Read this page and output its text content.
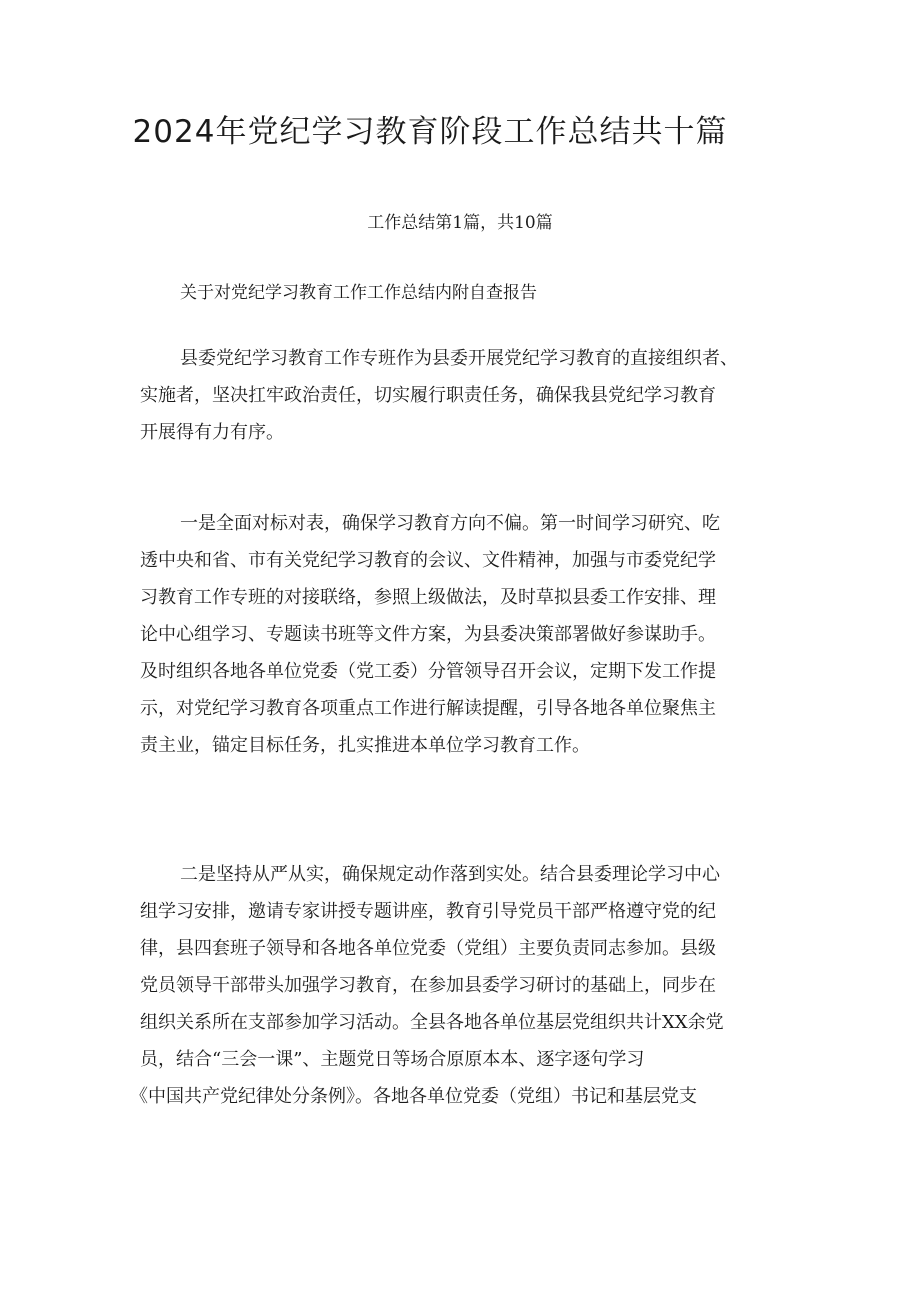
2024年党纪学习教育阶段工作总结共十篇
工作总结第1篇，共10篇
关于对党纪学习教育工作工作总结内附自查报告
县委党纪学习教育工作专班作为县委开展党纪学习教育的直接组织者、
实施者，坚决扛牢政治责任，切实履行职责任务，确保我县党纪学习教育
开展得有力有序。
一是全面对标对表，确保学习教育方向不偏。第一时间学习研究、吃
透中央和省、市有关党纪学习教育的会议、文件精神，加强与市委党纪学
习教育工作专班的对接联络，参照上级做法，及时草拟县委工作安排、理
论中心组学习、专题读书班等文件方案，为县委决策部署做好参谋助手。
及时组织各地各单位党委（党工委）分管领导召开会议，定期下发工作提
示，对党纪学习教育各项重点工作进行解读提醒，引导各地各单位聚焦主
责主业，锚定目标任务，扎实推进本单位学习教育工作。
二是坚持从严从实，确保规定动作落到实处。结合县委理论学习中心
组学习安排，邀请专家讲授专题讲座，教育引导党员干部严格遵守党的纪
律，县四套班子领导和各地各单位党委（党组）主要负责同志参加。县级
党员领导干部带头加强学习教育，在参加县委学习研讨的基础上，同步在
组织关系所在支部参加学习活动。全县各地各单位基层党组织共计XX余党
员，结合“三会一课”、主题党日等场合原原本本、逐字逐句学习
《中国共产党纪律处分条例》。各地各单位党委（党组）书记和基层党支
